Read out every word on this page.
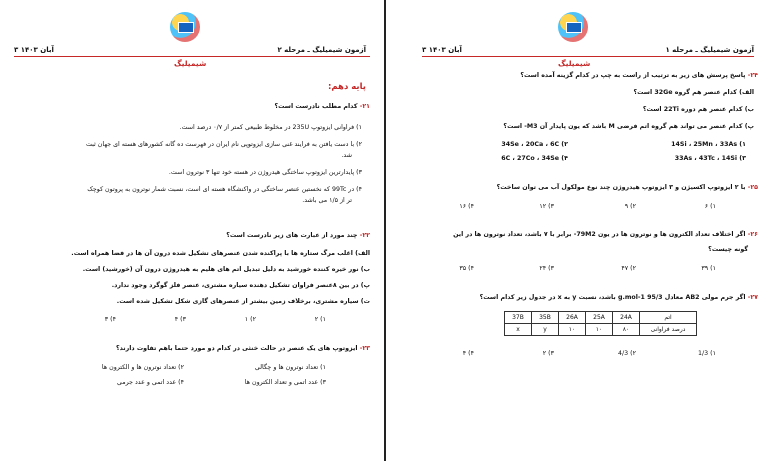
آزمون شیمیلیگ ـ مرحله ۲
۳ آبان ۱۴۰۳
شیمیلیگ
پایه دهم:
۲۱- کدام مطلب نادرست است؟
۱) فراوانی ایزوتوپ 235U در مخلوط طبیعی کمتر از ۰/۷ درصد است.
۲) با دست یافتن به فرایند غنی سازی ایزوتوپی نام ایران در فهرست ده گانه کشورهای هسته ای جهان ثبت
شد.
۳) پایدارترین ایزوتوپ ساختگی هیدروژن در هسته خود تنها ۳ نوترون است.
۴) در 99Tc که نخستین عنصر ساختگی در واکنشگاه هسته ای است، نسبت شمار نوترون به پروتون کوچک
تر از ۱/۵ می باشد.
۲۲- چند مورد از عبارت های زیر نادرست است؟
الف) اغلب مرگ ستاره ها با پراکنده شدن عنصرهای تشکیل شده درون آن ها در فضا همراه است.
ب) نور خیره کننده خورشید به دلیل تبدیل اتم های هلیم به هیدروژن درون آن (خورشید) است.
پ) در بین ۸عنصر فراوان تشکیل دهنده سیاره مشتری، عنصر فلز گوگرد وجود ندارد.
ت) سیاره مشتری، برخلاف زمین بیشتر از عنصرهای گازی شکل تشکیل شده است.
۱) ۲
۲) ۱
۳) ۴
۴) ۳
۲۳- ایزوتوپ های یک عنصر در حالت خنثی در کدام دو مورد حتما باهم تفاوت دارند؟
۱) تعداد نوترون ها و چگالی
۲) تعداد نوترون ها و الکترون ها
۳) عدد اتمی و تعداد الکترون ها
۴) عدد اتمی و عدد جرمی
آزمون شیمیلیگ ـ مرحله ۱
۳ آبان ۱۴۰۳
شیمیلیگ
۲۴- پاسخ پرسش های زیر به ترتیب از راست به چپ در کدام گزینه آمده است؟
الف) کدام عنصر هم گروه 32Ge است؟
ب) کدام عنصر هم دوره 22Ti است؟
پ) کدام عنصر می تواند هم گروه اتم فرضی M باشد که یون پایدار آن M3- است؟
۱) 14Si ، 25Mn ، 33As
۲) 34Se ، 20Ca ، 6C
۳) 33As ، 43Tc ، 14Si
۴) 6C ، 27Co ، 34Se
۲۵- با ۲ ایزوتوپ اکسیژن و ۳ ایزوتوپ هیدروژن چند نوع مولکول آب می توان ساخت؟
۱) ۶
۲) ۹
۳) ۱۲
۴) ۱۶
۲۶- اگر اختلاف تعداد الکترون ها و نوترون ها در یون 79M2- برابر با ۷ باشد، تعداد نوترون ها در این
گونه چیست؟
۱) ۳۹
۲) ۴۷
۳) ۲۴
۴) ۳۵
۲۷- اگر جرم مولی AB2 معادل 95/3 g.mol-1 باشد، نسبت y به x در جدول زیر کدام است؟
اتم	24A	25A	26A	35B	37B
درصد فراوانی	۸۰	۱۰	۱۰	y	x
۱) 1/3
۲) 4/3
۳) ۲
۴) ۴
